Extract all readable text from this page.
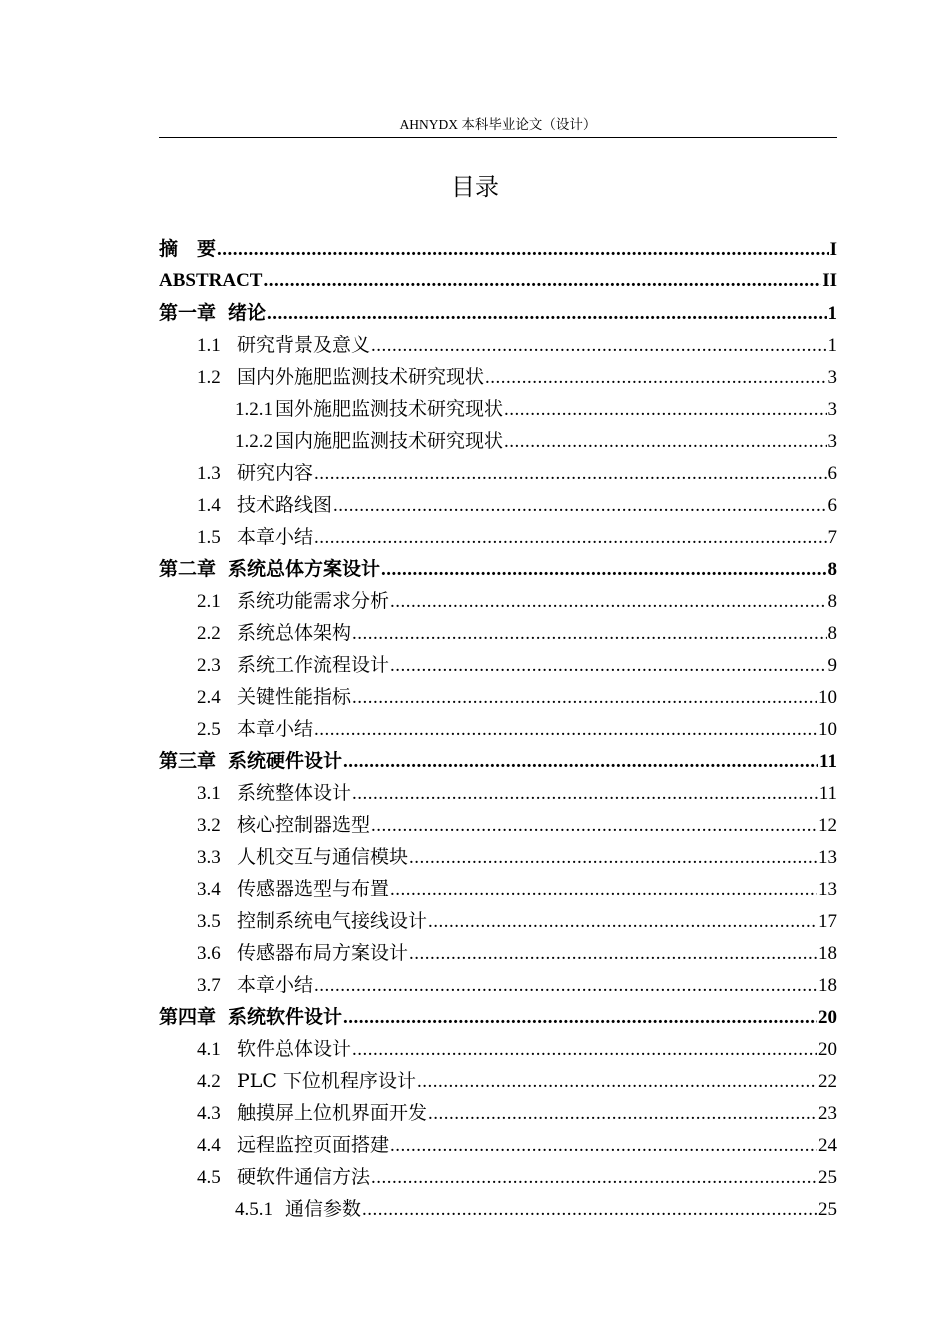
AHNYDX 本科毕业论文（设计）
目录
摘　要 .....	I
ABSTRACT .....	II
第一章 绪论 .....	1
1.1 研究背景及意义 .....	1
1.2 国内外施肥监测技术研究现状 .....	3
1.2.1 国外施肥监测技术研究现状 .....	3
1.2.2 国内施肥监测技术研究现状 .....	3
1.3 研究内容 .....	6
1.4 技术路线图 .....	6
1.5 本章小结 .....	7
第二章 系统总体方案设计 .....	8
2.1 系统功能需求分析 .....	8
2.2 系统总体架构 .....	8
2.3 系统工作流程设计 .....	9
2.4 关键性能指标 .....	10
2.5 本章小结 .....	10
第三章 系统硬件设计 .....	11
3.1 系统整体设计 .....	11
3.2 核心控制器选型 .....	12
3.3 人机交互与通信模块 .....	13
3.4 传感器选型与布置 .....	13
3.5 控制系统电气接线设计 .....	17
3.6 传感器布局方案设计 .....	18
3.7 本章小结 .....	18
第四章 系统软件设计 .....	20
4.1 软件总体设计 .....	20
4.2 PLC 下位机程序设计 .....	22
4.3 触摸屏上位机界面开发 .....	23
4.4 远程监控页面搭建 .....	24
4.5 硬软件通信方法 .....	25
4.5.1 通信参数 .....	25
